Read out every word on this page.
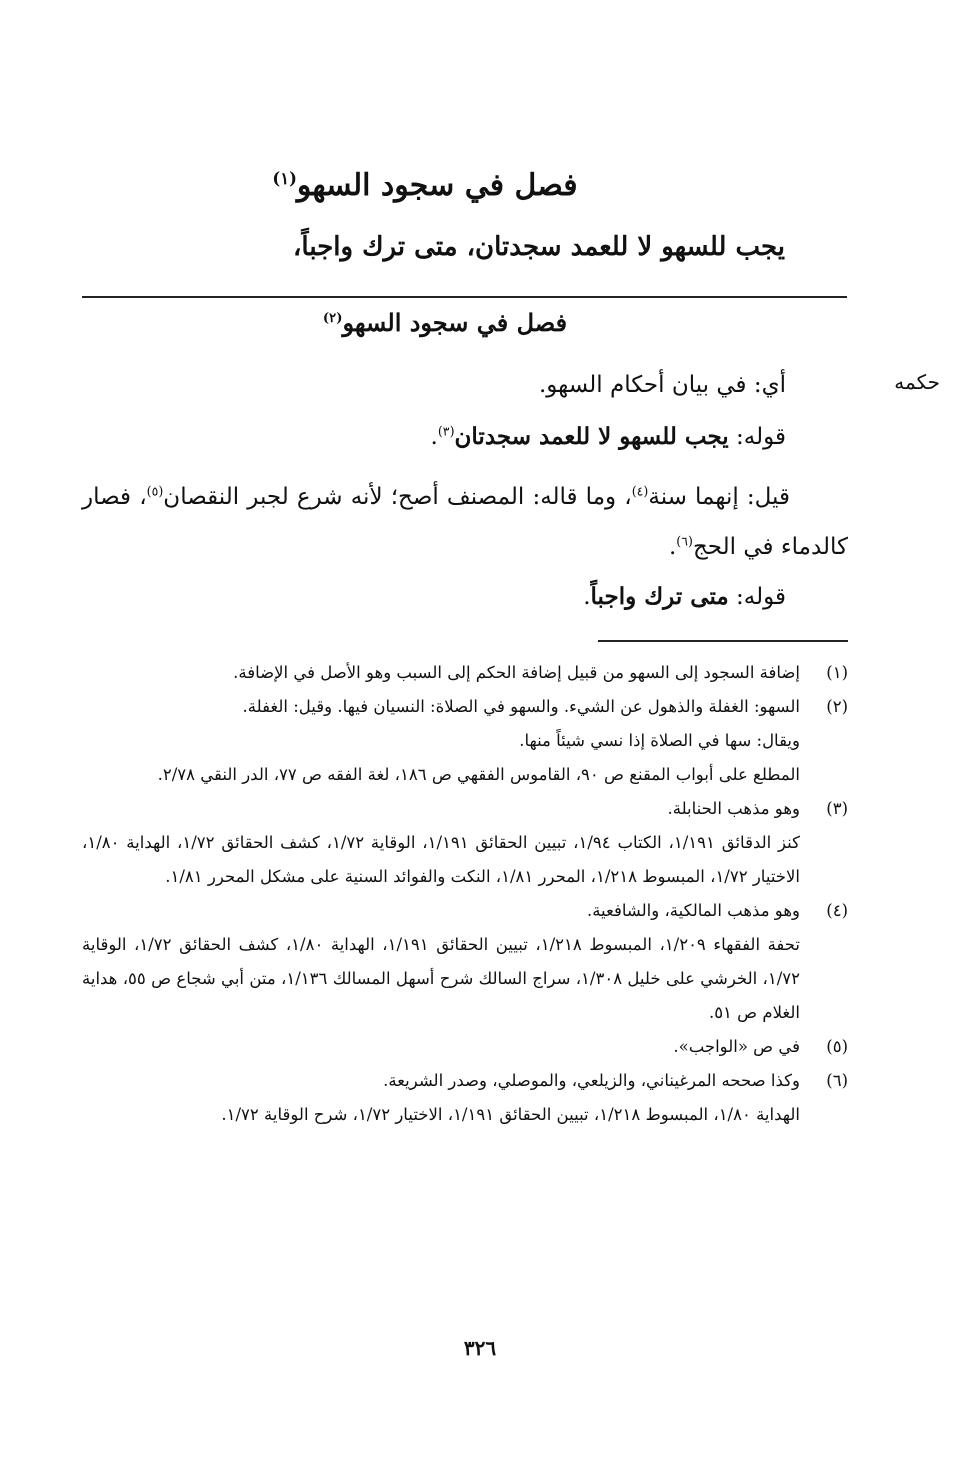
فصل في سجود السهو$^{(١)}$
يجب للسهو لا للعمد سجدتان، متى ترك واجباً،
فصل في سجود السهو$^{(٢)}$
حكمه
أي: في بيان أحكام السهو.
قوله: يجب للسهو لا للعمد سجدتان$^{(٣)}$.
قيل: إنهما سنة$^{(٤)}$، وما قاله: المصنف أصح؛ لأنه شرع لجبر النقصان$^{(٥)}$، فصار كالدماء في الحج$^{(٦)}$.
قوله: متى ترك واجباً.
(١)
إضافة السجود إلى السهو من قبيل إضافة الحكم إلى السبب وهو الأصل في الإضافة.
(٢)
السهو: الغفلة والذهول عن الشيء. والسهو في الصلاة: النسيان فيها. وقيل: الغفلة.
ويقال: سها في الصلاة إذا نسي شيئاً منها.
المطلع على أبواب المقنع ص ٩٠، القاموس الفقهي ص ١٨٦، لغة الفقه ص ٧٧، الدر النقي ٢/٧٨.
(٣)
وهو مذهب الحنابلة.
كنز الدقائق ١/١٩١، الكتاب ١/٩٤، تبيين الحقائق ١/١٩١، الوقاية ١/٧٢، كشف الحقائق ١/٧٢، الهداية ١/٨٠، الاختيار ١/٧٢، المبسوط ١/٢١٨، المحرر ١/٨١، النكت والفوائد السنية على مشكل المحرر ١/٨١.
(٤)
وهو مذهب المالكية، والشافعية.
تحفة الفقهاء ١/٢٠٩، المبسوط ١/٢١٨، تبيين الحقائق ١/١٩١، الهداية ١/٨٠، كشف الحقائق ١/٧٢، الوقاية ١/٧٢، الخرشي على خليل ١/٣٠٨، سراج السالك شرح أسهل المسالك ١/١٣٦، متن أبي شجاع ص ٥٥، هداية الغلام ص ٥١.
(٥)
في ص «الواجب».
(٦)
وكذا صححه المرغيناني، والزيلعي، والموصلي، وصدر الشريعة.
الهداية ١/٨٠، المبسوط ١/٢١٨، تبيين الحقائق ١/١٩١، الاختيار ١/٧٢، شرح الوقاية ١/٧٢.
٣٢٦
